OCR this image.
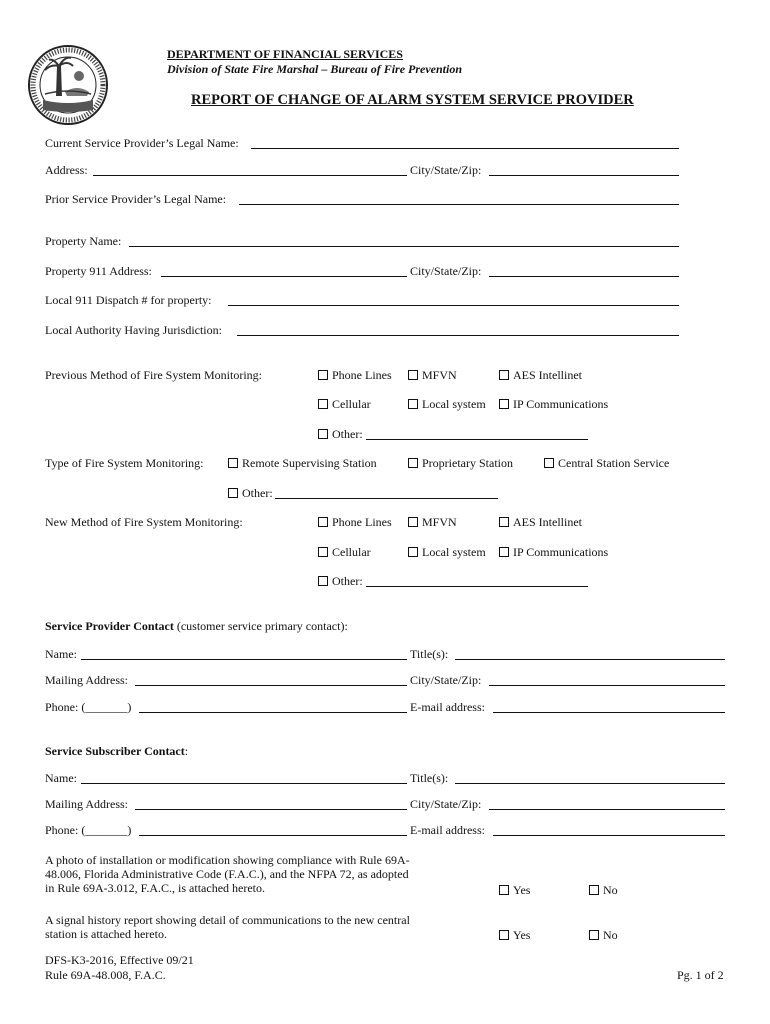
DEPARTMENT OF FINANCIAL SERVICES
Division of State Fire Marshal – Bureau of Fire Prevention
REPORT OF CHANGE OF ALARM SYSTEM SERVICE PROVIDER
Current Service Provider’s Legal Name:
Address:	City/State/Zip:
Prior Service Provider’s Legal Name:
Property Name:
Property 911 Address:	City/State/Zip:
Local 911 Dispatch # for property:
Local Authority Having Jurisdiction:
Previous Method of Fire System Monitoring:	Phone Lines	MFVN	AES Intellinet
Cellular	Local system	IP Communications
Other:
Type of Fire System Monitoring:	Remote Supervising Station	Proprietary Station	Central Station Service
Other:
New Method of Fire System Monitoring:	Phone Lines	MFVN	AES Intellinet
Cellular	Local system	IP Communications
Other:
Service Provider Contact (customer service primary contact):
Name:	Title(s):
Mailing Address:	City/State/Zip:
Phone: (_______)	E-mail address:
Service Subscriber Contact:
Name:	Title(s):
Mailing Address:	City/State/Zip:
Phone: (_______)	E-mail address:
A photo of installation or modification showing compliance with Rule 69A-48.006, Florida Administrative Code (F.A.C.), and the NFPA 72, as adopted in Rule 69A-3.012, F.A.C., is attached hereto.	Yes	No
A signal history report showing detail of communications to the new central station is attached hereto.	Yes	No
DFS-K3-2016, Effective 09/21
Rule 69A-48.008, F.A.C.	Pg. 1 of 2
